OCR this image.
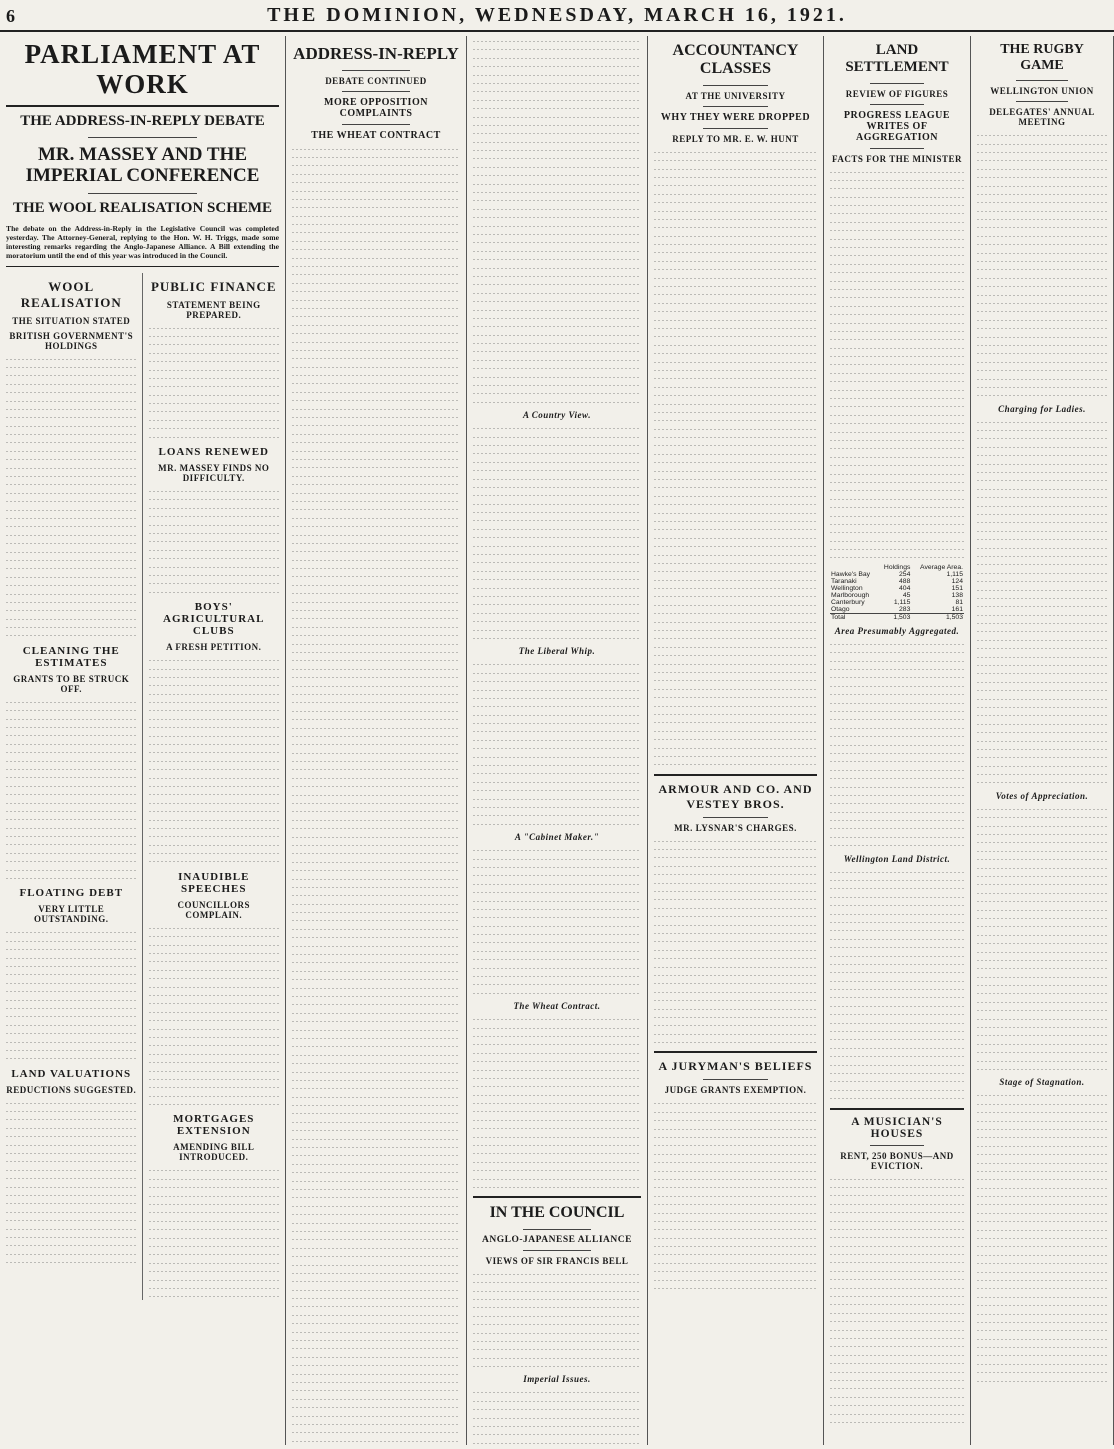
6	THE DOMINION, WEDNESDAY, MARCH 16, 1921.
PARLIAMENT AT WORK
THE ADDRESS-IN-REPLY DEBATE
MR. MASSEY AND THE IMPERIAL CONFERENCE
THE WOOL REALISATION SCHEME
The debate on the Address-in-Reply in the Legislative Council was completed yesterday. The Attorney-General, replying to the Hon. W. H. Triggs, made some interesting remarks regarding the Anglo-Japanese Alliance. A Bill extending the moratorium until the end of this year was introduced in the Council.
WOOL REALISATION
THE SITUATION STATED
BRITISH GOVERNMENT'S HOLDINGS
CLEANING THE ESTIMATES
GRANTS TO BE STRUCK OFF.
FLOATING DEBT
VERY LITTLE OUTSTANDING.
LAND VALUATIONS
REDUCTIONS SUGGESTED.
PUBLIC FINANCE
STATEMENT BEING PREPARED.
LOANS RENEWED
MR. MASSEY FINDS NO DIFFICULTY.
BOYS' AGRICULTURAL CLUBS
A FRESH PETITION.
INAUDIBLE SPEECHES
COUNCILLORS COMPLAIN.
MORTGAGES EXTENSION
AMENDING BILL INTRODUCED.
ADDRESS-IN-REPLY
DEBATE CONTINUED
MORE OPPOSITION COMPLAINTS
THE WHEAT CONTRACT
A Country View.
The Liberal Whip.
A "Cabinet Maker."
The Wheat Contract.
IN THE COUNCIL
ANGLO-JAPANESE ALLIANCE
VIEWS OF SIR FRANCIS BELL
Imperial Issues.
ACCOUNTANCY CLASSES
AT THE UNIVERSITY
WHY THEY WERE DROPPED
REPLY TO MR. E. W. HUNT
ARMOUR AND CO. AND VESTEY BROS.
MR. LYSNAR'S CHARGES.
A JURYMAN'S BELIEFS
JUDGE GRANTS EXEMPTION.
LAND SETTLEMENT
REVIEW OF FIGURES
PROGRESS LEAGUE WRITES OF AGGREGATION
FACTS FOR THE MINISTER
	Holdings	Average Area.
Hawke's Bay	254	1,115
Taranaki	488	124
Wellington	404	151
Marlborough	45	138
Canterbury	1,115	81
Otago	283	161
Total	1,503	1,503
Area Presumably Aggregated.
Wellington Land District.
A MUSICIAN'S HOUSES
RENT, 250 BONUS—AND EVICTION.
THE RUGBY GAME
WELLINGTON UNION
DELEGATES' ANNUAL MEETING
Charging for Ladies.
Votes of Appreciation.
Stage of Stagnation.
